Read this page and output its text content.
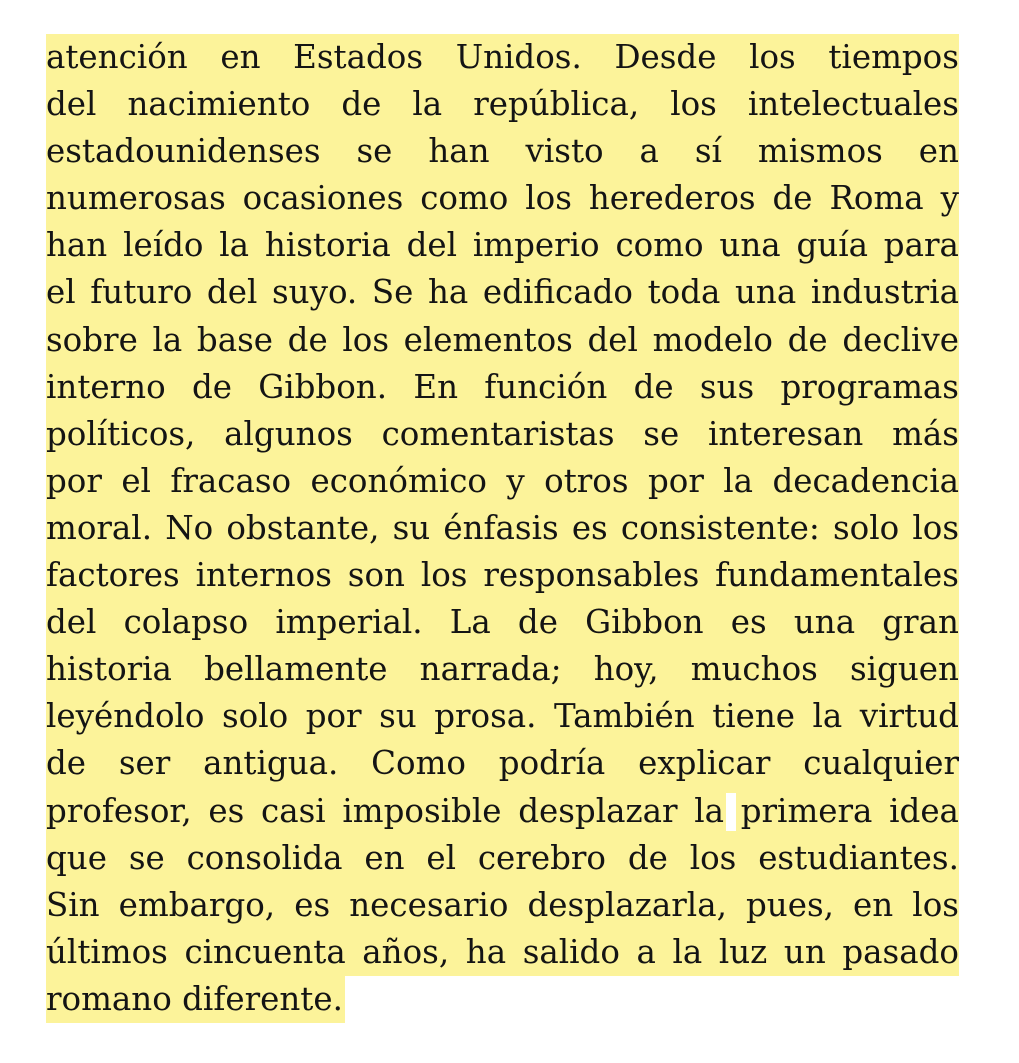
atención en Estados Unidos. Desde los tiempos
del nacimiento de la república, los intelectuales
estadounidenses se han visto a sí mismos en
numerosas ocasiones como los herederos de Roma y
han leído la historia del imperio como una guía para
el futuro del suyo. Se ha edificado toda una industria
sobre la base de los elementos del modelo de declive
interno de Gibbon. En función de sus programas
políticos, algunos comentaristas se interesan más
por el fracaso económico y otros por la decadencia
moral. No obstante, su énfasis es consistente: solo los
factores internos son los responsables fundamentales
del colapso imperial. La de Gibbon es una gran
historia bellamente narrada; hoy, muchos siguen
leyéndolo solo por su prosa. También tiene la virtud
de ser antigua. Como podría explicar cualquier
profesor, es casi imposible desplazar la primera idea
que se consolida en el cerebro de los estudiantes.
Sin embargo, es necesario desplazarla, pues, en los
últimos cincuenta años, ha salido a la luz un pasado
romano diferente.
